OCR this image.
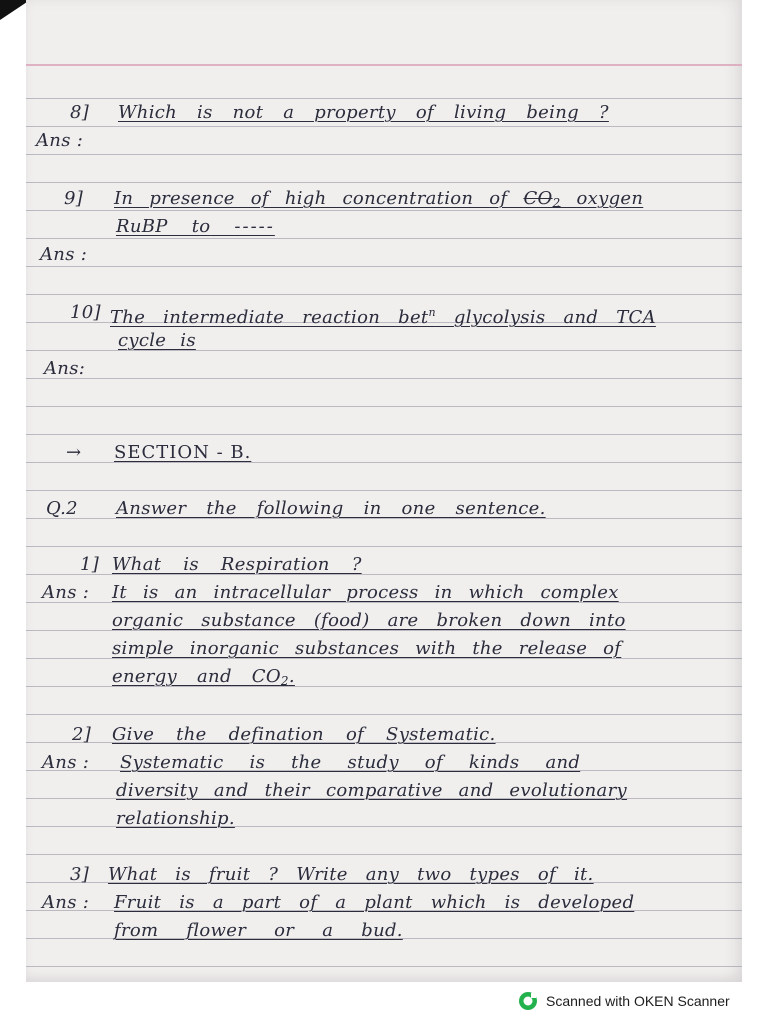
8] Which is not a property of living being ?
Ans :
9] In presence of high concentration of $CO_2$ oxygen
RuBP to -----
Ans :
10] The intermediate reaction bet$^n$ glycolysis and TCA
cycle is
Ans:
→ SECTION - B.
Q.2 Answer the following in one sentence.
1] What is Respiration ?
Ans : It is an intracellular process in which complex
organic substance (food) are broken down into
simple inorganic substances with the release of
energy and $CO_2$.
2] Give the defination of Systematic.
Ans : Systematic is the study of kinds and
diversity and their comparative and evolutionary
relationship.
3] What is fruit ? Write any two types of it.
Ans : Fruit is a part of a plant which is developed
from flower or a bud.
Scanned with OKEN Scanner
